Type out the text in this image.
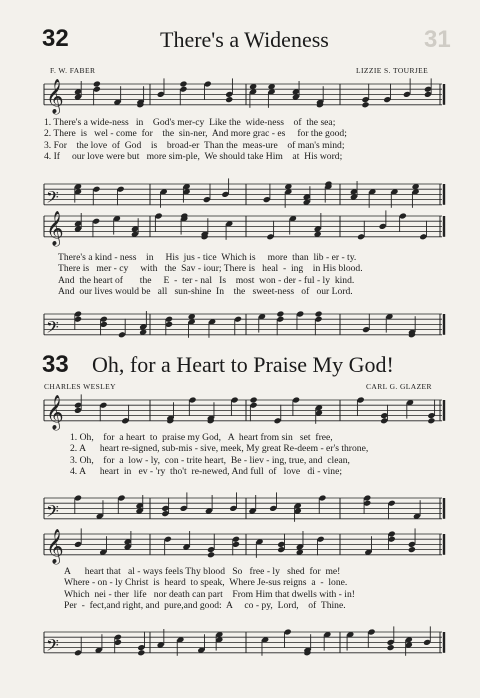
31
32	There's a Wideness
F. W. FABER	LIZZIE S. TOURJEE
𝄞
1. There's a wide-ness   in    God's mer-cy  Like the  wide-ness    of  the sea;
2. There  is   wel - come  for    the  sin-ner,  And more grac - es     for the good;
3. For    the love  of  God    is    broad-er  Than the  meas-ure    of man's mind;
4. If     our love were but   more sim-ple,  We should take Him    at  His word;
𝄢
𝄞
There's a kind - ness    in     His  jus - tice  Which is     more  than  lib - er - ty.
There is   mer - cy     with   the  Sav - iour; There is   heal  -  ing    in His blood.
And  the heart of       the     E  -  ter - nal   Is    most  won - der - ful - ly  kind.
And  our lives would be   all   sun-shine  In    the   sweet-ness   of   our Lord.
𝄢
33 Oh, for a Heart to Praise My God!
CHARLES WESLEY	CARL G. GLAZER
𝄞
1. Oh,    for  a heart  to  praise my God,   A  heart from sin   set  free,
2. A      heart re-signed, sub-mis - sive, meek, My great Re-deem - er's throne,
3. Oh,    for  a  low - ly,  con - trite heart,  Be - liev - ing, true, and  clean,
4. A      heart  in   ev - 'ry  tho't  re-newed, And full  of   love   di - vine;
𝄢
𝄞
A      heart that   al - ways feels Thy blood   So   free - ly   shed  for  me!
Where - on - ly Christ  is  heard  to speak,  Where Je-sus reigns  a  -  lone.
Which  nei - ther  life   nor death can part    From Him that dwells with - in!
Per  -  fect,and right, and  pure,and good:  A     co - py,  Lord,    of  Thine.
𝄢
